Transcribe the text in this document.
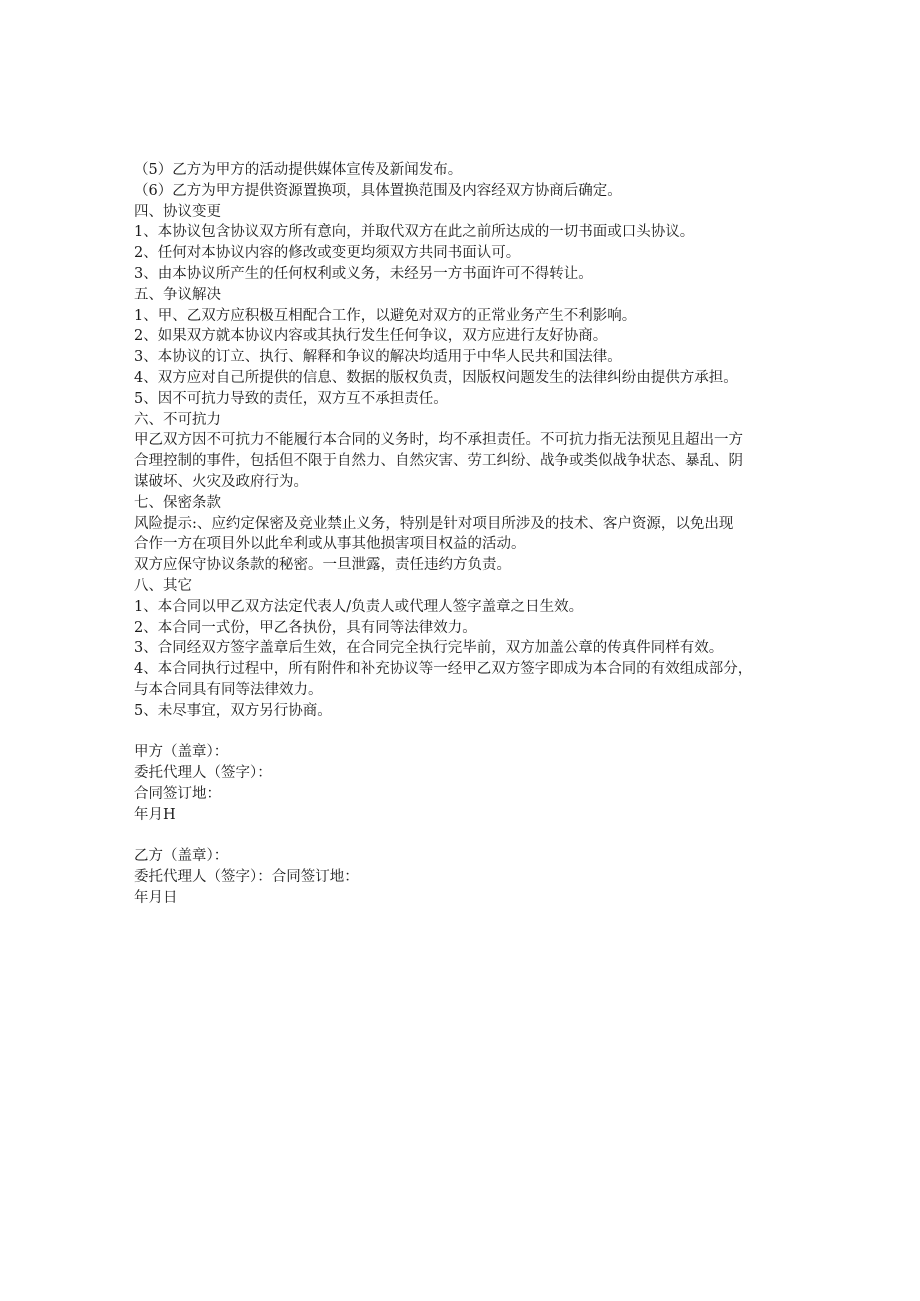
（5）乙方为甲方的活动提供媒体宣传及新闻发布。
（6）乙方为甲方提供资源置换项，具体置换范围及内容经双方协商后确定。
四、协议变更
1、本协议包含协议双方所有意向，并取代双方在此之前所达成的一切书面或口头协议。
2、任何对本协议内容的修改或变更均须双方共同书面认可。
3、由本协议所产生的任何权利或义务，未经另一方书面许可不得转让。
五、争议解决
1、甲、乙双方应积极互相配合工作，以避免对双方的正常业务产生不利影响。
2、如果双方就本协议内容或其执行发生任何争议，双方应进行友好协商。
3、本协议的订立、执行、解释和争议的解决均适用于中华人民共和国法律。
4、双方应对自己所提供的信息、数据的版权负责，因版权问题发生的法律纠纷由提供方承担。
5、因不可抗力导致的责任，双方互不承担责任。
六、不可抗力
甲乙双方因不可抗力不能履行本合同的义务时，均不承担责任。不可抗力指无法预见且超出一方
合理控制的事件，包括但不限于自然力、自然灾害、劳工纠纷、战争或类似战争状态、暴乱、阴
谋破坏、火灾及政府行为。
七、保密条款
风险提示:、应约定保密及竞业禁止义务，特别是针对项目所涉及的技术、客户资源，以免出现
合作一方在项目外以此牟利或从事其他损害项目权益的活动。
双方应保守协议条款的秘密。一旦泄露，责任违约方负责。
八、其它
1、本合同以甲乙双方法定代表人/负责人或代理人签字盖章之日生效。
2、本合同一式份，甲乙各执份，具有同等法律效力。
3、合同经双方签字盖章后生效，在合同完全执行完毕前，双方加盖公章的传真件同样有效。
4、本合同执行过程中，所有附件和补充协议等一经甲乙双方签字即成为本合同的有效组成部分，
与本合同具有同等法律效力。
5、未尽事宜，双方另行协商。
甲方（盖章）：
委托代理人（签字）：
合同签订地：
年月H
乙方（盖章）：
委托代理人（签字）：合同签订地：
年月日
